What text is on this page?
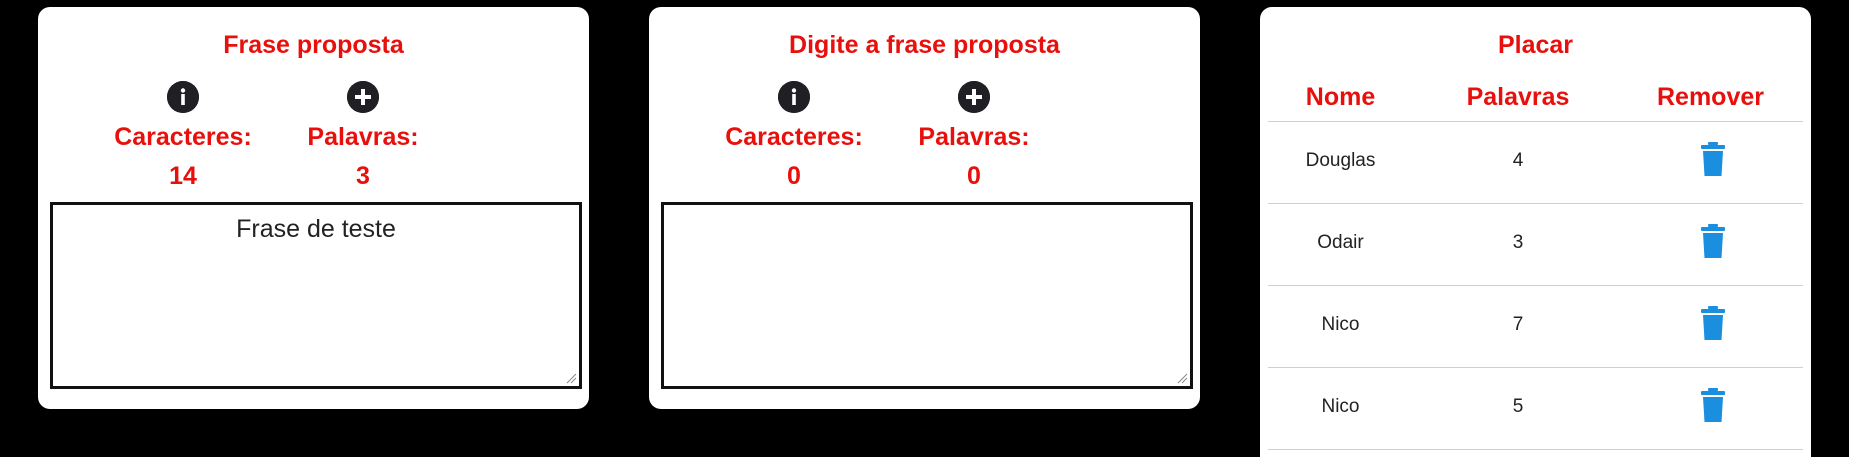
Frase proposta
Caracteres:
14
Palavras:
3
Frase de teste
Digite a frase proposta
Caracteres:
0
Palavras:
0
Placar
Nome	Palavras	Remover
Douglas	4
Odair	3
Nico	7
Nico	5
